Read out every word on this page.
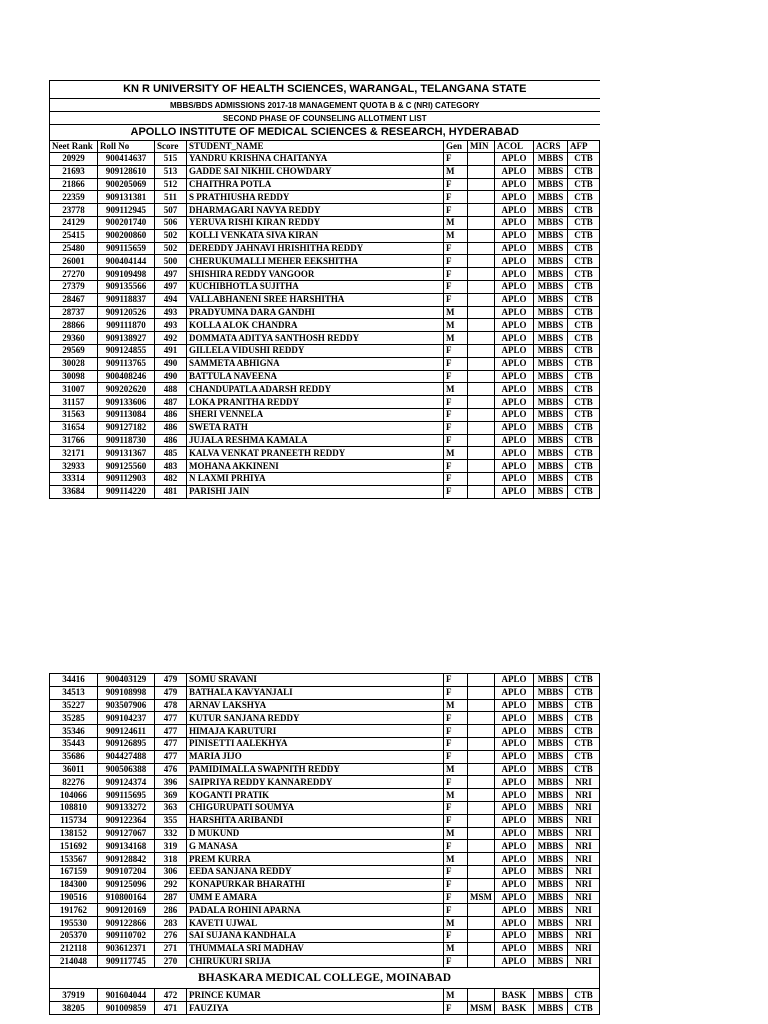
KN R UNIVERSITY OF HEALTH SCIENCES, WARANGAL, TELANGANA STATE								
MBBS/BDS ADMISSIONS 2017-18 MANAGEMENT QUOTA B & C (NRI) CATEGORY								
SECOND PHASE OF COUNSELING ALLOTMENT LIST								
APOLLO INSTITUTE OF MEDICAL SCIENCES & RESEARCH, HYDERABAD								
Neet Rank	Roll No	Score	STUDENT_NAME	Gen	MIN	ACOL	ACRS	AFP
20929	900414637	515	YANDRU KRISHNA CHAITANYA	F		APLO	MBBS	CTB
21693	909128610	513	GADDE SAI NIKHIL CHOWDARY	M		APLO	MBBS	CTB
21866	900205069	512	CHAITHRA POTLA	F		APLO	MBBS	CTB
22359	909131381	511	S PRATHIUSHA REDDY	F		APLO	MBBS	CTB
23778	909112945	507	DHARMAGARI NAVYA REDDY	F		APLO	MBBS	CTB
24129	900201740	506	YERUVA RISHI KIRAN REDDY	M		APLO	MBBS	CTB
25415	900200860	502	KOLLI VENKATA SIVA KIRAN	M		APLO	MBBS	CTB
25480	909115659	502	DEREDDY JAHNAVI HRISHITHA REDDY	F		APLO	MBBS	CTB
26001	900404144	500	CHERUKUMALLI MEHER EEKSHITHA	F		APLO	MBBS	CTB
27270	909109498	497	SHISHIRA REDDY VANGOOR	F		APLO	MBBS	CTB
27379	909135566	497	KUCHIBHOTLA SUJITHA	F		APLO	MBBS	CTB
28467	909118837	494	VALLABHANENI SREE HARSHITHA	F		APLO	MBBS	CTB
28737	909120526	493	PRADYUMNA DARA GANDHI	M		APLO	MBBS	CTB
28866	909111870	493	KOLLA ALOK CHANDRA	M		APLO	MBBS	CTB
29360	909138927	492	DOMMATA ADITYA SANTHOSH REDDY	M		APLO	MBBS	CTB
29569	909124855	491	GILLELA VIDUSHI REDDY	F		APLO	MBBS	CTB
30028	909113765	490	SAMMETA ABHIGNA	F		APLO	MBBS	CTB
30098	900408246	490	BATTULA NAVEENA	F		APLO	MBBS	CTB
31007	909202620	488	CHANDUPATLA ADARSH REDDY	M		APLO	MBBS	CTB
31157	909133606	487	LOKA PRANITHA REDDY	F		APLO	MBBS	CTB
31563	909113084	486	SHERI VENNELA	F		APLO	MBBS	CTB
31654	909127182	486	SWETA RATH	F		APLO	MBBS	CTB
31766	909118730	486	JUJALA RESHMA KAMALA	F		APLO	MBBS	CTB
32171	909131367	485	KALVA VENKAT PRANEETH REDDY	M		APLO	MBBS	CTB
32933	909125560	483	MOHANA AKKINENI	F		APLO	MBBS	CTB
33314	909112903	482	N LAXMI PRHIYA	F		APLO	MBBS	CTB
33684	909114220	481	PARISHI JAIN	F		APLO	MBBS	CTB
34416	900403129	479	SOMU SRAVANI	F		APLO	MBBS	CTB
34513	909108998	479	BATHALA KAVYANJALI	F		APLO	MBBS	CTB
35227	903507906	478	ARNAV LAKSHYA	M		APLO	MBBS	CTB
35285	909104237	477	KUTUR SANJANA REDDY	F		APLO	MBBS	CTB
35346	909124611	477	HIMAJA KARUTURI	F		APLO	MBBS	CTB
35443	909126895	477	PINISETTI AALEKHYA	F		APLO	MBBS	CTB
35686	904427488	477	MARIA JIJO	F		APLO	MBBS	CTB
36011	900506388	476	PAMIDIMALLA SWAPNITH REDDY	M		APLO	MBBS	CTB
82276	909124374	396	SAIPRIYA REDDY KANNAREDDY	F		APLO	MBBS	NRI
104066	909115695	369	KOGANTI PRATIK	M		APLO	MBBS	NRI
108810	909133272	363	CHIGURUPATI SOUMYA	F		APLO	MBBS	NRI
115734	909122364	355	HARSHITA ARIBANDI	F		APLO	MBBS	NRI
138152	909127067	332	D MUKUND	M		APLO	MBBS	NRI
151692	909134168	319	G MANASA	F		APLO	MBBS	NRI
153567	909128842	318	PREM KURRA	M		APLO	MBBS	NRI
167159	909107204	306	EEDA SANJANA REDDY	F		APLO	MBBS	NRI
184300	909125096	292	KONAPURKAR BHARATHI	F		APLO	MBBS	NRI
190516	910800164	287	UMM E AMARA	F	MSM	APLO	MBBS	NRI
191762	909120169	286	PADALA ROHINI APARNA	F		APLO	MBBS	NRI
195530	909122866	283	KAVETI UJWAL	M		APLO	MBBS	NRI
205370	909110702	276	SAI SUJANA KANDHALA	F		APLO	MBBS	NRI
212118	903612371	271	THUMMALA SRI MADHAV	M		APLO	MBBS	NRI
214048	909117745	270	CHIRUKURI SRIJA	F		APLO	MBBS	NRI
BHASKARA MEDICAL COLLEGE, MOINABAD								
37919	901604044	472	PRINCE KUMAR	M		BASK	MBBS	CTB
38205	901009859	471	FAUZIYA	F	MSM	BASK	MBBS	CTB
